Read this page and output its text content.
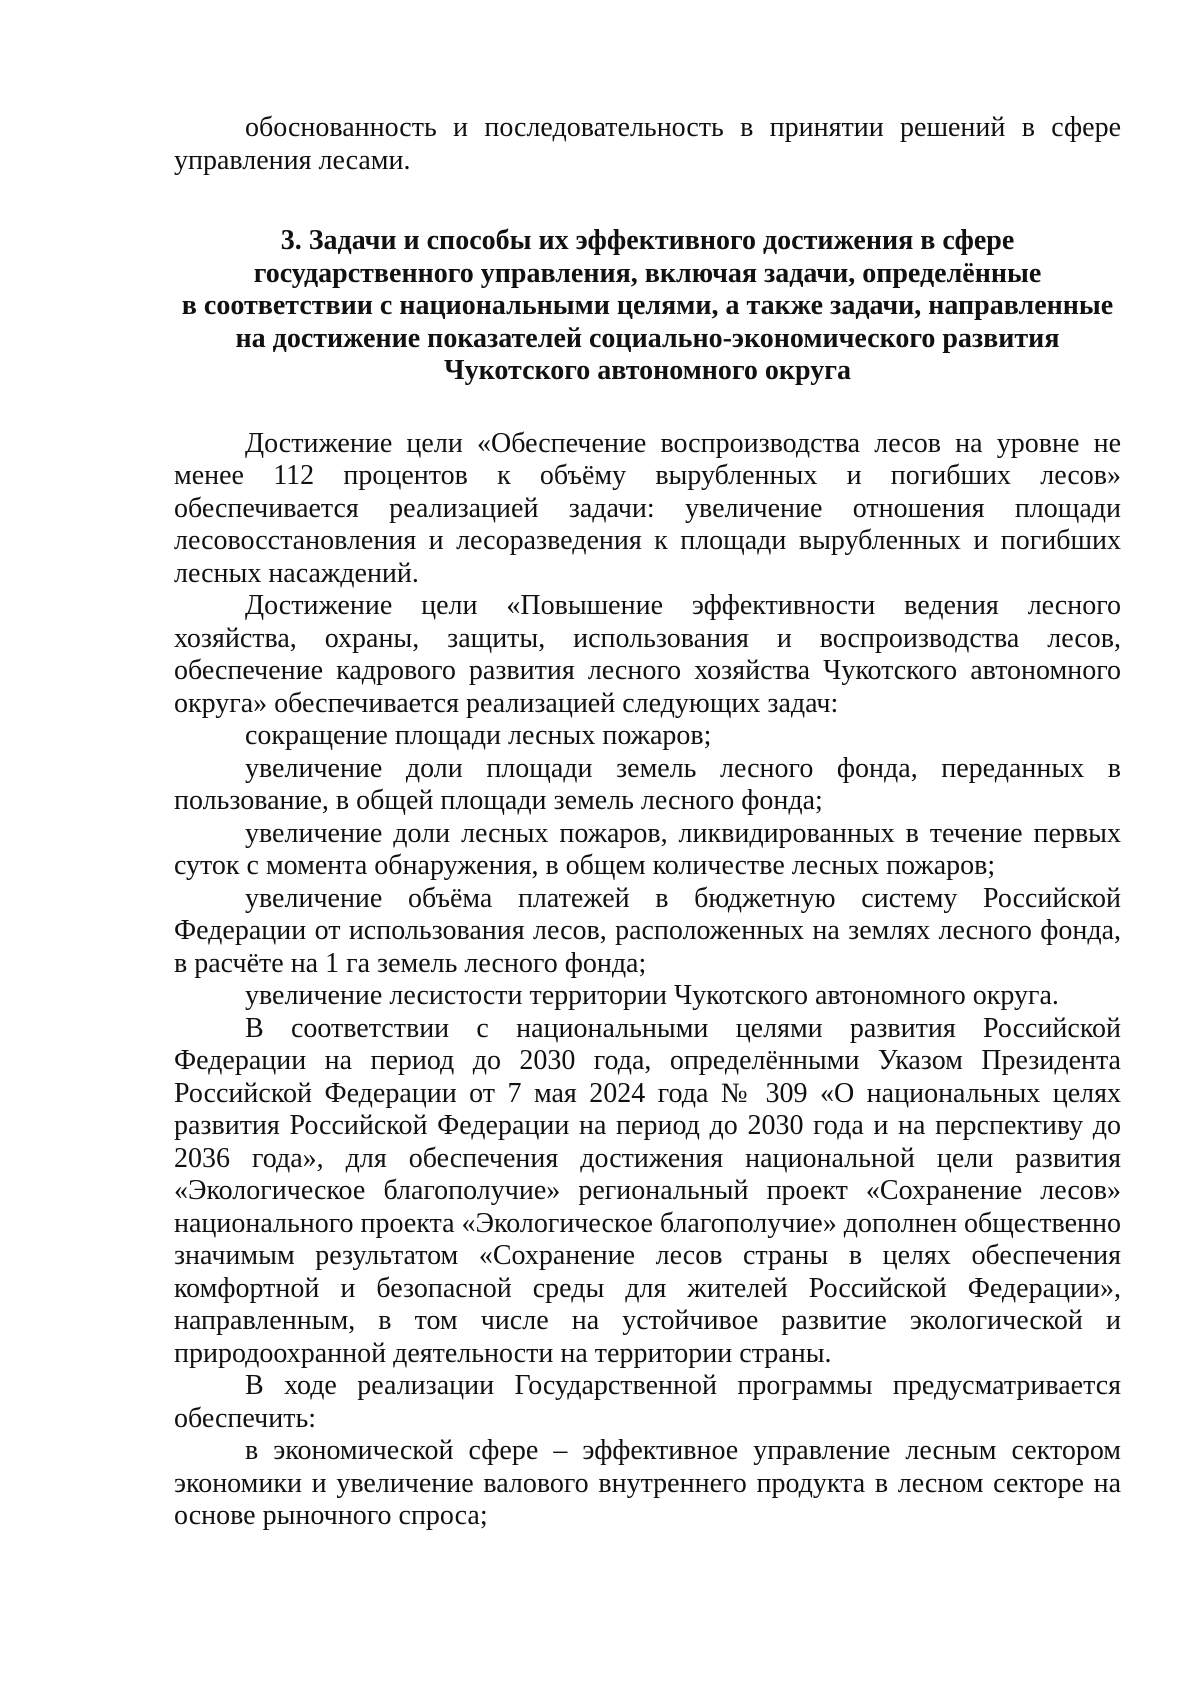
обоснованность и последовательность в принятии решений в сфере управления лесами.

3. Задачи и способы их эффективного достижения в сфере
государственного управления, включая задачи, определённые
в соответствии с национальными целями, а также задачи, направленные
на достижение показателей социально-экономического развития
Чукотского автономного округа

Достижение цели «Обеспечение воспроизводства лесов на уровне не менее 112 процентов к объёму вырубленных и погибших лесов» обеспечивается реализацией задачи: увеличение отношения площади лесовосстановления и лесоразведения к площади вырубленных и погибших лесных насаждений.

Достижение цели «Повышение эффективности ведения лесного хозяйства, охраны, защиты, использования и воспроизводства лесов, обеспечение кадрового развития лесного хозяйства Чукотского автономного округа» обеспечивается реализацией следующих задач:

сокращение площади лесных пожаров;

увеличение доли площади земель лесного фонда, переданных в пользование, в общей площади земель лесного фонда;

увеличение доли лесных пожаров, ликвидированных в течение первых суток с момента обнаружения, в общем количестве лесных пожаров;

увеличение объёма платежей в бюджетную систему Российской Федерации от использования лесов, расположенных на землях лесного фонда, в расчёте на 1 га земель лесного фонда;

увеличение лесистости территории Чукотского автономного округа.

В соответствии с национальными целями развития Российской Федерации на период до 2030 года, определёнными Указом Президента Российской Федерации от 7 мая 2024 года № 309 «О национальных целях развития Российской Федерации на период до 2030 года и на перспективу до 2036 года», для обеспечения достижения национальной цели развития «Экологическое благополучие» региональный проект «Сохранение лесов» национального проекта «Экологическое благополучие» дополнен общественно значимым результатом «Сохранение лесов страны в целях обеспечения комфортной и безопасной среды для жителей Российской Федерации», направленным, в том числе на устойчивое развитие экологической и природоохранной деятельности на территории страны.

В ходе реализации Государственной программы предусматривается обеспечить:

в экономической сфере – эффективное управление лесным сектором экономики и увеличение валового внутреннего продукта в лесном секторе на основе рыночного спроса;
